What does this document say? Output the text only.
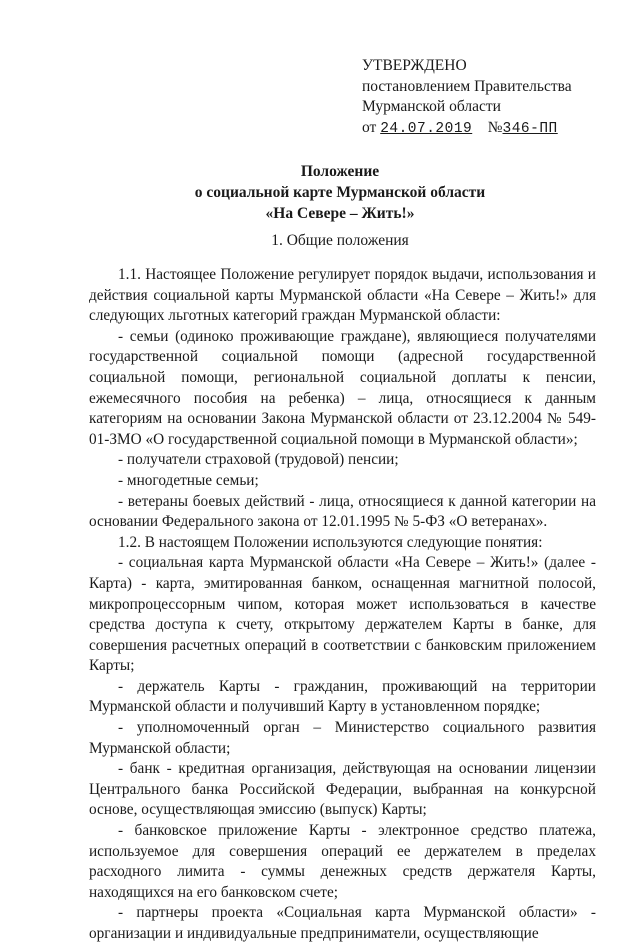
УТВЕРЖДЕНО
постановлением Правительства
Мурманской области
от 24.07.2019 №346-ПП
Положение
о социальной карте Мурманской области
«На Севере – Жить!»
1. Общие положения

1.1. Настоящее Положение регулирует порядок выдачи, использования и действия социальной карты Мурманской области «На Севере – Жить!» для следующих льготных категорий граждан Мурманской области:

- семьи (одиноко проживающие граждане), являющиеся получателями государственной социальной помощи (адресной государственной социальной помощи, региональной социальной доплаты к пенсии, ежемесячного пособия на ребенка) – лица, относящиеся к данным категориям на основании Закона Мурманской области от 23.12.2004 № 549-01-ЗМО «О государственной социальной помощи в Мурманской области»;

- получатели страховой (трудовой) пенсии;

- многодетные семьи;

- ветераны боевых действий - лица, относящиеся к данной категории на основании Федерального закона от 12.01.1995 № 5-ФЗ «О ветеранах».

1.2. В настоящем Положении используются следующие понятия:

- социальная карта Мурманской области «На Севере – Жить!» (далее - Карта) - карта, эмитированная банком, оснащенная магнитной полосой, микропроцессорным чипом, которая может использоваться в качестве средства доступа к счету, открытому держателем Карты в банке, для совершения расчетных операций в соответствии с банковским приложением Карты;

- держатель Карты - гражданин, проживающий на территории Мурманской области и получивший Карту в установленном порядке;

- уполномоченный орган – Министерство социального развития Мурманской области;

- банк - кредитная организация, действующая на основании лицензии Центрального банка Российской Федерации, выбранная на конкурсной основе, осуществляющая эмиссию (выпуск) Карты;

- банковское приложение Карты - электронное средство платежа, используемое для совершения операций ее держателем в пределах расходного лимита - суммы денежных средств держателя Карты, находящихся на его банковском счете;

- партнеры проекта «Социальная карта Мурманской области» - организации и индивидуальные предприниматели, осуществляющие
